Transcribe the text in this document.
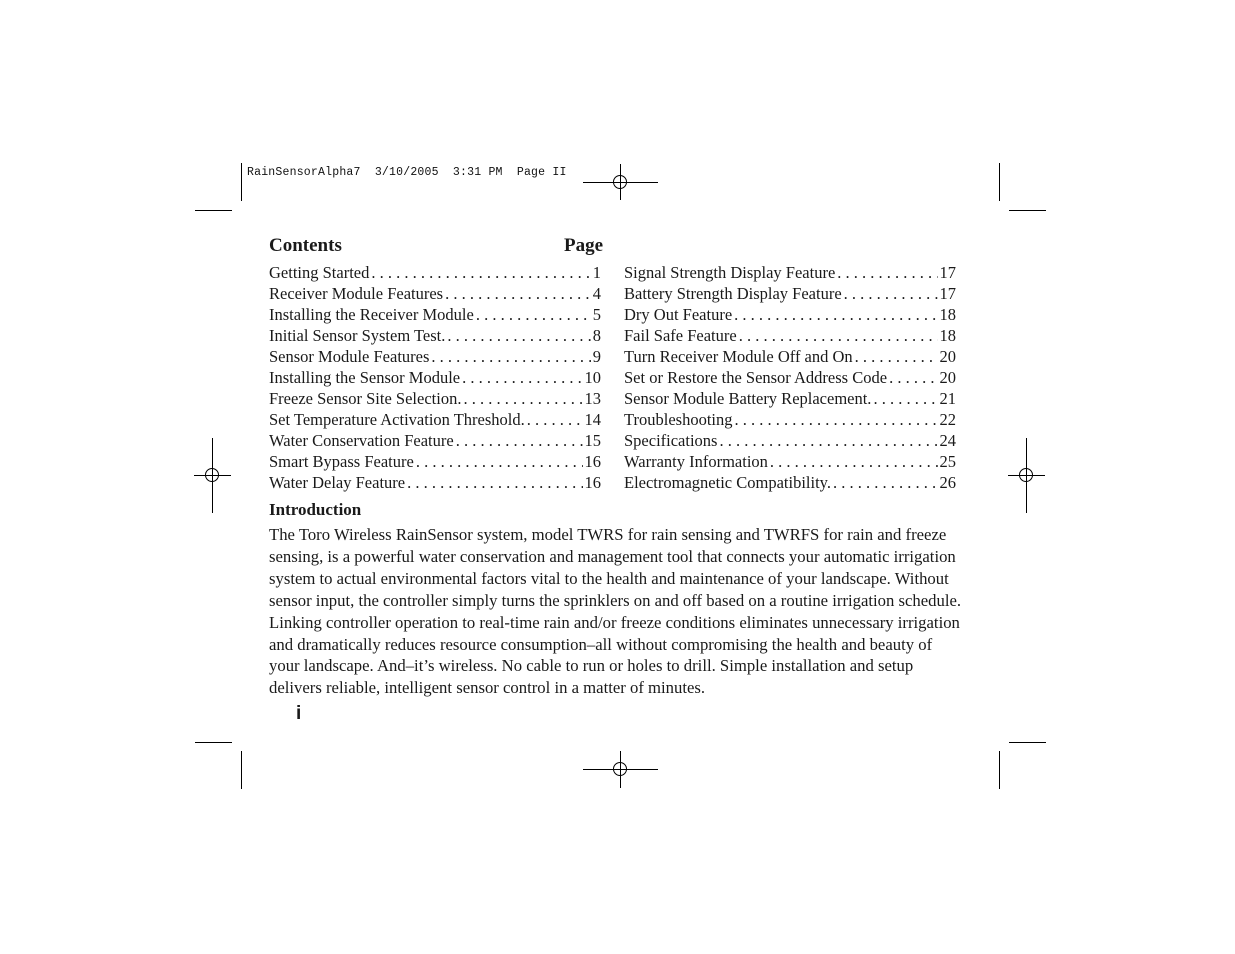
RainSensorAlpha7  3/10/2005  3:31 PM  Page II
Contents	Page
Getting Started . . .	1
Receiver Module Features . . .	4
Installing the Receiver Module . . .	5
Initial Sensor System Test. . . .	8
Sensor Module Features . . .	9
Installing the Sensor Module . . .	10
Freeze Sensor Site Selection. . . .	13
Set Temperature Activation Threshold. . . .	14
Water Conservation Feature . . .	15
Smart Bypass Feature . . .	16
Water Delay Feature . . .	16
Signal Strength Display Feature . . .	17
Battery Strength Display Feature . . .	17
Dry Out Feature . . .	18
Fail Safe Feature . . .	18
Turn Receiver Module Off and On . . .	20
Set or Restore the Sensor Address Code . . .	20
Sensor Module Battery Replacement. . . .	21
Troubleshooting . . .	22
Specifications . . .	24
Warranty Information . . .	25
Electromagnetic Compatibility. . . .	26
Introduction
The Toro Wireless RainSensor system, model TWRS for rain sensing and TWRFS for rain and freeze sensing, is a powerful water conservation and management tool that connects your automatic irrigation system to actual environmental factors vital to the health and maintenance of your landscape. Without sensor input, the controller simply turns the sprinklers on and off based on a routine irrigation schedule. Linking controller operation to real-time rain and/or freeze conditions eliminates unnecessary irrigation and dramatically reduces resource consumption–all without compromising the health and beauty of your landscape. And–it’s wireless. No cable to run or holes to drill. Simple installation and setup delivers reliable, intelligent sensor control in a matter of minutes.
i
